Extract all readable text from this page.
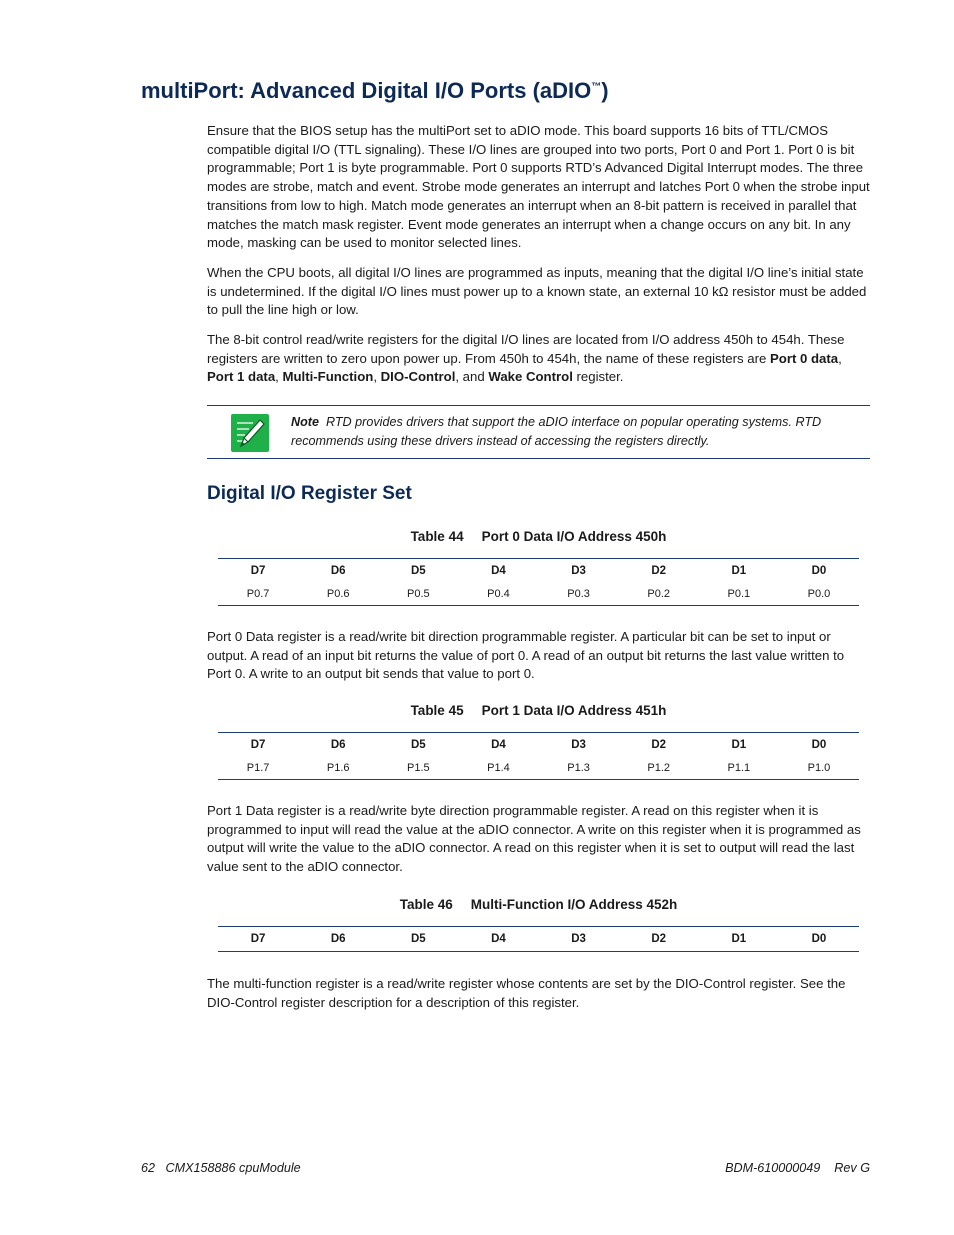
multiPort: Advanced Digital I/O Ports (aDIO™)
Ensure that the BIOS setup has the multiPort set to aDIO mode. This board supports 16 bits of TTL/CMOS compatible digital I/O (TTL signaling). These I/O lines are grouped into two ports, Port 0 and Port 1. Port 0 is bit programmable; Port 1 is byte programmable. Port 0 supports RTD’s Advanced Digital Interrupt modes. The three modes are strobe, match and event. Strobe mode generates an interrupt and latches Port 0 when the strobe input transitions from low to high. Match mode generates an interrupt when an 8-bit pattern is received in parallel that matches the match mask register. Event mode generates an interrupt when a change occurs on any bit. In any mode, masking can be used to monitor selected lines.
When the CPU boots, all digital I/O lines are programmed as inputs, meaning that the digital I/O line’s initial state is undetermined. If the digital I/O lines must power up to a known state, an external 10 kΩ resistor must be added to pull the line high or low.
The 8-bit control read/write registers for the digital I/O lines are located from I/O address 450h to 454h. These registers are written to zero upon power up. From 450h to 454h, the name of these registers are Port 0 data, Port 1 data, Multi-Function, DIO-Control, and Wake Control register.
Note RTD provides drivers that support the aDIO interface on popular operating systems. RTD recommends using these drivers instead of accessing the registers directly.
Digital I/O Register Set
Table 44 Port 0 Data I/O Address 450h
D7	D6	D5	D4	D3	D2	D1	D0
P0.7	P0.6	P0.5	P0.4	P0.3	P0.2	P0.1	P0.0
Port 0 Data register is a read/write bit direction programmable register. A particular bit can be set to input or output. A read of an input bit returns the value of port 0. A read of an output bit returns the last value written to Port 0. A write to an output bit sends that value to port 0.
Table 45 Port 1 Data I/O Address 451h
D7	D6	D5	D4	D3	D2	D1	D0
P1.7	P1.6	P1.5	P1.4	P1.3	P1.2	P1.1	P1.0
Port 1 Data register is a read/write byte direction programmable register. A read on this register when it is programmed to input will read the value at the aDIO connector. A write on this register when it is programmed as output will write the value to the aDIO connector. A read on this register when it is set to output will read the last value sent to the aDIO connector.
Table 46 Multi-Function I/O Address 452h
D7	D6	D5	D4	D3	D2	D1	D0
The multi-function register is a read/write register whose contents are set by the DIO-Control register. See the DIO-Control register description for a description of this register.
62 CMX158886 cpuModule	BDM-610000049 Rev G
